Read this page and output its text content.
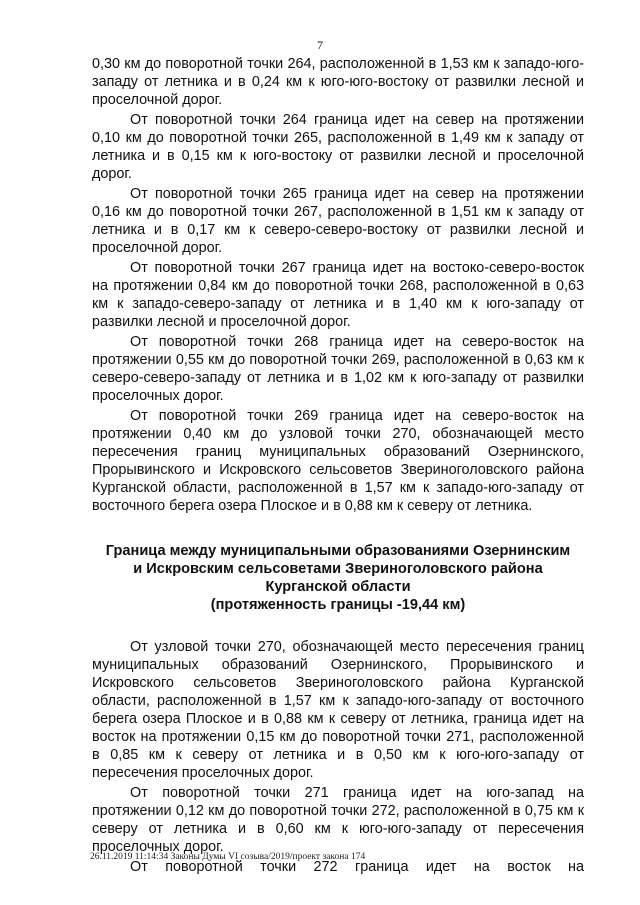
7

0,30 км до поворотной точки 264, расположенной в 1,53 км к западо-юго-западу от летника и в 0,24 км к юго-юго-востоку от развилки лесной и проселочной дорог.

От поворотной точки 264 граница идет на север на протяжении 0,10 км до поворотной точки 265, расположенной в 1,49 км к западу от летника и в 0,15 км к юго-востоку от развилки лесной и проселочной дорог.

От поворотной точки 265 граница идет на север на протяжении 0,16 км до поворотной точки 267, расположенной в 1,51 км к западу от летника и в 0,17 км к северо-северо-востоку от развилки лесной и проселочной дорог.

От поворотной точки 267 граница идет на востоко-северо-восток на протяжении 0,84 км до поворотной точки 268, расположенной в 0,63 км к западо-северо-западу от летника и в 1,40 км к юго-западу от развилки лесной и проселочной дорог.

От поворотной точки 268 граница идет на северо-восток на протяжении 0,55 км до поворотной точки 269, расположенной в 0,63 км к северо-северо-западу от летника и в 1,02 км к юго-западу от развилки проселочных дорог.

От поворотной точки 269 граница идет на северо-восток на протяжении 0,40 км до узловой точки 270, обозначающей место пересечения границ муниципальных образований Озернинского, Прорывинского и Искровского сельсоветов Звериноголовского района Курганской области, расположенной в 1,57 км к западо-юго-западу от восточного берега озера Плоское и в 0,88 км к северу от летника.

Граница между муниципальными образованиями Озернинским
и Искровским сельсоветами Звериноголовского района
Курганской области
(протяженность границы -19,44 км)

От узловой точки 270, обозначающей место пересечения границ муниципальных образований Озернинского, Прорывинского и Искровского сельсоветов Звериноголовского района Курганской области, расположенной в 1,57 км к западо-юго-западу от восточного берега озера Плоское и в 0,88 км к северу от летника, граница идет на восток на протяжении 0,15 км до поворотной точки 271, расположенной в 0,85 км к северу от летника и в 0,50 км к юго-юго-западу от пересечения проселочных дорог.

От поворотной точки 271 граница идет на юго-запад на протяжении 0,12 км до поворотной точки 272, расположенной в 0,75 км к северу от летника и в 0,60 км к юго-юго-западу от пересечения проселочных дорог.

От поворотной точки 272 граница идет на восток на

26.11.2019 11:14:34 Законы Думы VI созыва/2019/проект закона 174
